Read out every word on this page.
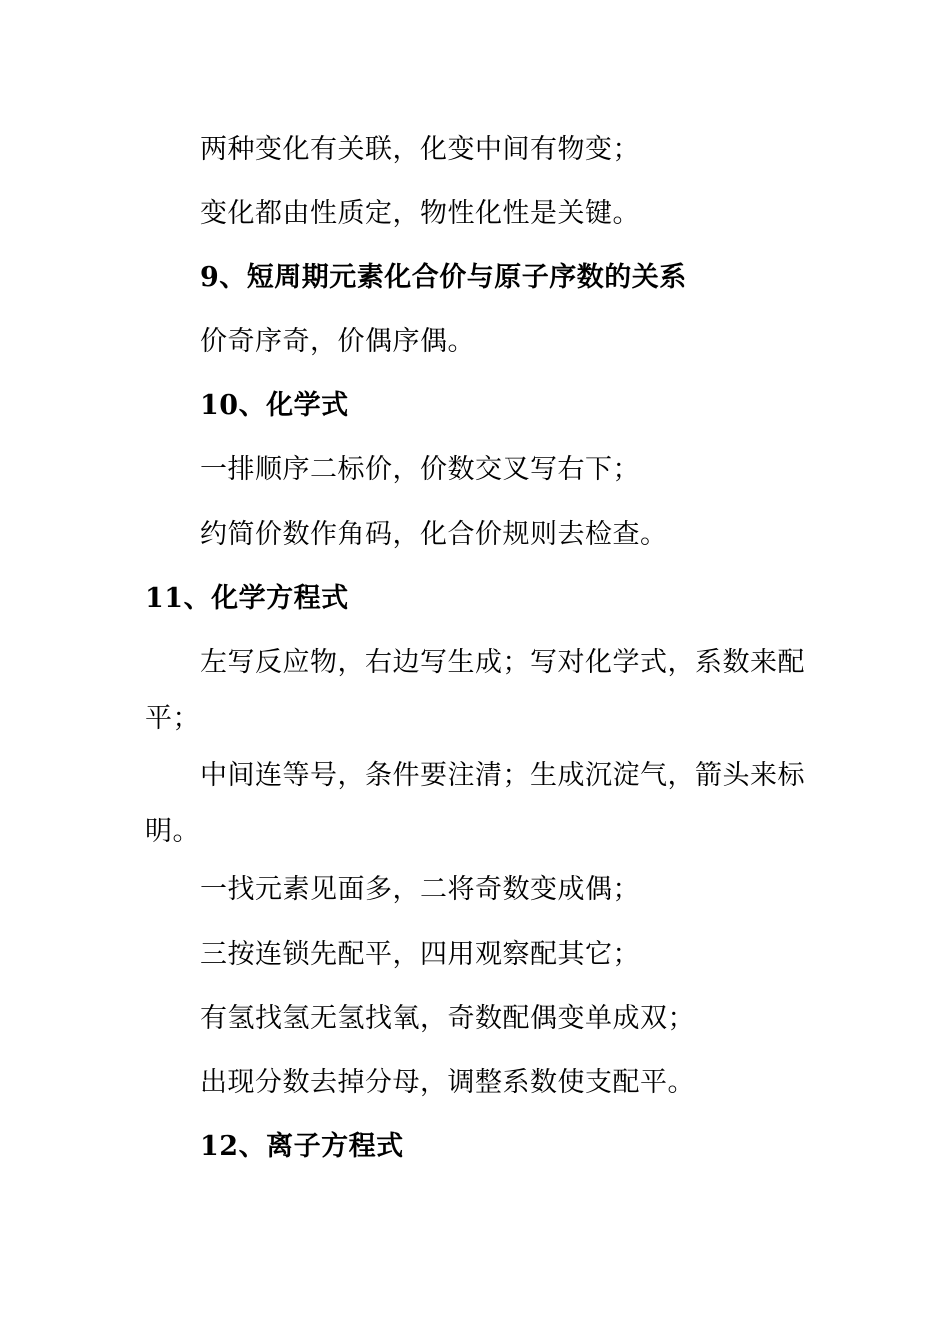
两种变化有关联，化变中间有物变；
变化都由性质定，物性化性是关键。
9、短周期元素化合价与原子序数的关系
价奇序奇，价偶序偶。
10、化学式
一排顺序二标价，价数交叉写右下；
约简价数作角码，化合价规则去检查。
11、化学方程式
左写反应物，右边写生成；写对化学式，系数来配平；
中间连等号，条件要注清；生成沉淀气，箭头来标明。
一找元素见面多，二将奇数变成偶；
三按连锁先配平，四用观察配其它；
有氢找氢无氢找氧，奇数配偶变单成双；
出现分数去掉分母，调整系数使支配平。
12、离子方程式
